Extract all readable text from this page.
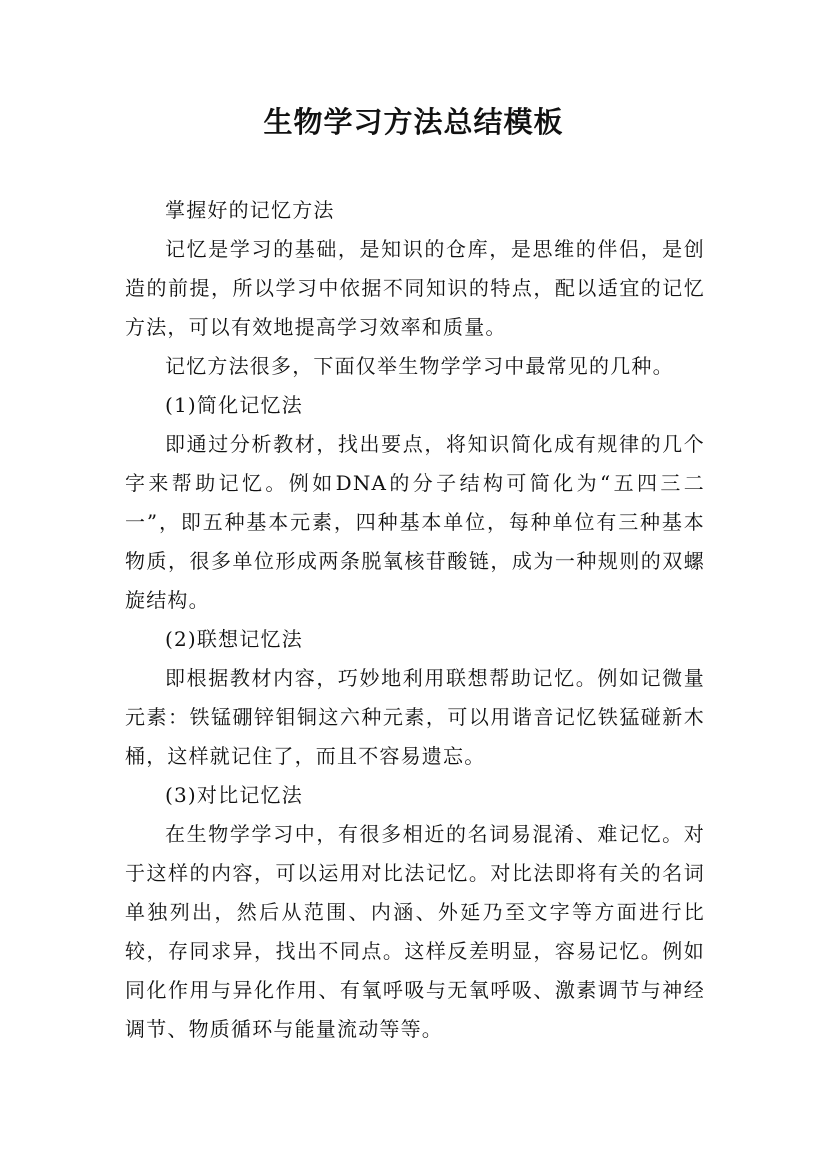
生物学习方法总结模板

掌握好的记忆方法

记忆是学习的基础，是知识的仓库，是思维的伴侣，是创造的前提，所以学习中依据不同知识的特点，配以适宜的记忆方法，可以有效地提高学习效率和质量。

记忆方法很多，下面仅举生物学学习中最常见的几种。

(1)简化记忆法

即通过分析教材，找出要点，将知识简化成有规律的几个字来帮助记忆。例如DNA的分子结构可简化为“五四三二一”，即五种基本元素，四种基本单位，每种单位有三种基本物质，很多单位形成两条脱氧核苷酸链，成为一种规则的双螺旋结构。

(2)联想记忆法

即根据教材内容，巧妙地利用联想帮助记忆。例如记微量元素：铁锰硼锌钼铜这六种元素，可以用谐音记忆铁猛碰新木桶，这样就记住了，而且不容易遗忘。

(3)对比记忆法

在生物学学习中，有很多相近的名词易混淆、难记忆。对于这样的内容，可以运用对比法记忆。对比法即将有关的名词单独列出，然后从范围、内涵、外延乃至文字等方面进行比较，存同求异，找出不同点。这样反差明显，容易记忆。例如同化作用与异化作用、有氧呼吸与无氧呼吸、激素调节与神经调节、物质循环与能量流动等等。
